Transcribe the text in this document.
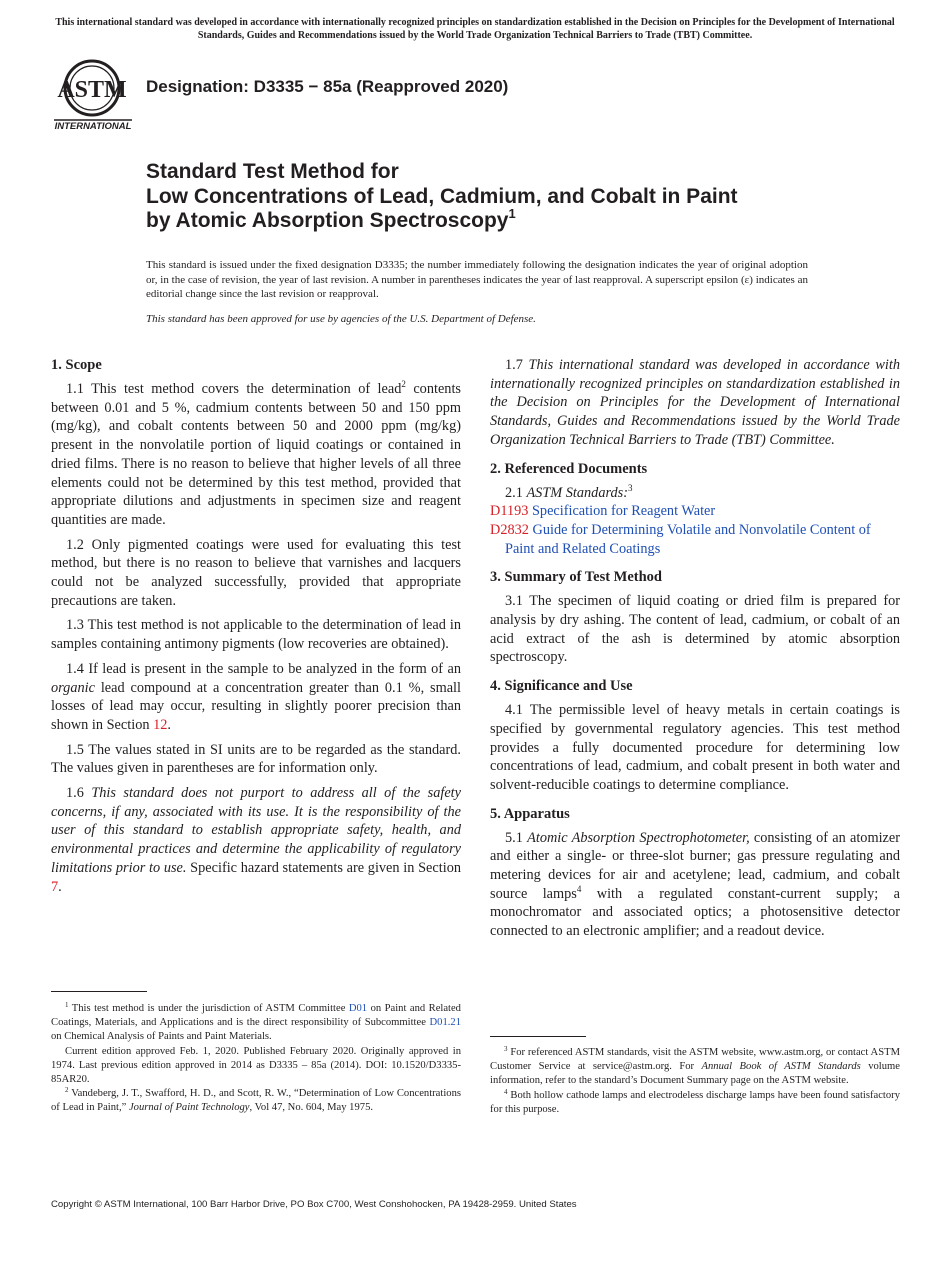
This international standard was developed in accordance with internationally recognized principles on standardization established in the Decision on Principles for the Development of International Standards, Guides and Recommendations issued by the World Trade Organization Technical Barriers to Trade (TBT) Committee.
ASTM
INTERNATIONAL
Designation: D3335 − 85a (Reapproved 2020)
Standard Test Method for
Low Concentrations of Lead, Cadmium, and Cobalt in Paint
by Atomic Absorption Spectroscopy$^1$
This standard is issued under the fixed designation D3335; the number immediately following the designation indicates the year of original adoption or, in the case of revision, the year of last revision. A number in parentheses indicates the year of last reapproval. A superscript epsilon (ε) indicates an editorial change since the last revision or reapproval.
This standard has been approved for use by agencies of the U.S. Department of Defense.
1. Scope

1.1 This test method covers the determination of lead$^2$ contents between 0.01 and 5 %, cadmium contents between 50 and 150 ppm (mg/kg), and cobalt contents between 50 and 2000 ppm (mg/kg) present in the nonvolatile portion of liquid coatings or contained in dried films. There is no reason to believe that higher levels of all three elements could not be determined by this test method, provided that appropriate dilutions and adjustments in specimen size and reagent quantities are made.

1.2 Only pigmented coatings were used for evaluating this test method, but there is no reason to believe that varnishes and lacquers could not be analyzed successfully, provided that appropriate precautions are taken.

1.3 This test method is not applicable to the determination of lead in samples containing antimony pigments (low recoveries are obtained).

1.4 If lead is present in the sample to be analyzed in the form of an organic lead compound at a concentration greater than 0.1 %, small losses of lead may occur, resulting in slightly poorer precision than shown in Section 12.

1.5 The values stated in SI units are to be regarded as the standard. The values given in parentheses are for information only.

1.6 This standard does not purport to address all of the safety concerns, if any, associated with its use. It is the responsibility of the user of this standard to establish appropriate safety, health, and environmental practices and determine the applicability of regulatory limitations prior to use. Specific hazard statements are given in Section 7.

$^1$ This test method is under the jurisdiction of ASTM Committee D01 on Paint and Related Coatings, Materials, and Applications and is the direct responsibility of Subcommittee D01.21 on Chemical Analysis of Paints and Paint Materials.

Current edition approved Feb. 1, 2020. Published February 2020. Originally approved in 1974. Last previous edition approved in 2014 as D3335 – 85a (2014). DOI: 10.1520/D3335-85AR20.

$^2$ Vandeberg, J. T., Swafford, H. D., and Scott, R. W., “Determination of Low Concentrations of Lead in Paint,” Journal of Paint Technology, Vol 47, No. 604, May 1975.

1.7 This international standard was developed in accordance with internationally recognized principles on standardization established in the Decision on Principles for the Development of International Standards, Guides and Recommendations issued by the World Trade Organization Technical Barriers to Trade (TBT) Committee.

2. Referenced Documents

2.1 ASTM Standards:$^3$

D1193 Specification for Reagent Water
D2832 Guide for Determining Volatile and Nonvolatile Content of Paint and Related Coatings
3. Summary of Test Method

3.1 The specimen of liquid coating or dried film is prepared for analysis by dry ashing. The content of lead, cadmium, or cobalt of an acid extract of the ash is determined by atomic absorption spectroscopy.

4. Significance and Use

4.1 The permissible level of heavy metals in certain coatings is specified by governmental regulatory agencies. This test method provides a fully documented procedure for determining low concentrations of lead, cadmium, and cobalt present in both water and solvent-reducible coatings to determine compliance.

5. Apparatus

5.1 Atomic Absorption Spectrophotometer, consisting of an atomizer and either a single- or three-slot burner; gas pressure regulating and metering devices for air and acetylene; lead, cadmium, and cobalt source lamps$^4$ with a regulated constant-current supply; a monochromator and associated optics; a photosensitive detector connected to an electronic amplifier; and a readout device.

$^3$ For referenced ASTM standards, visit the ASTM website, www.astm.org, or contact ASTM Customer Service at service@astm.org. For Annual Book of ASTM Standards volume information, refer to the standard’s Document Summary page on the ASTM website.

$^4$ Both hollow cathode lamps and electrodeless discharge lamps have been found satisfactory for this purpose.

Copyright © ASTM International, 100 Barr Harbor Drive, PO Box C700, West Conshohocken, PA 19428-2959. United States
